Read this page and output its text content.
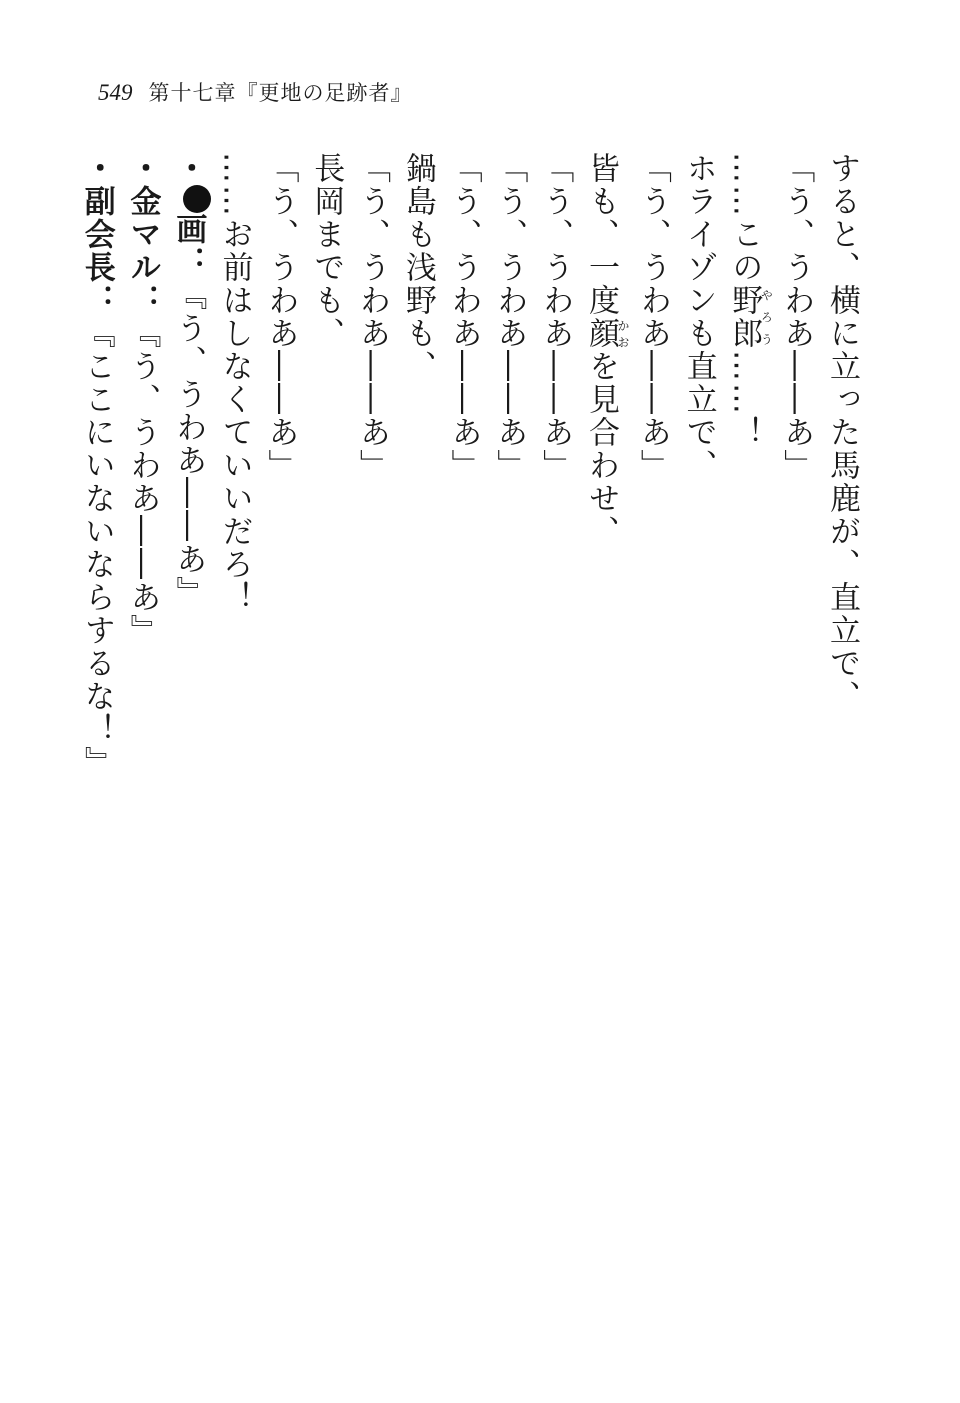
549 第十七章『更地の足跡者』
すると、横に立った馬鹿が、直立で、
「う、うわあ――あ」
……この野郎やろう……！
ホライゾンも直立で、
「う、うわあ――あ」
皆も、一度顔かおを見合わせ、
「う、うわあ――あ」
「う、うわあ――あ」
「う、うわあ――あ」
鍋島も浅野も、
「う、うわあ――あ」
長岡までも、
「う、うわあ――あ」
……お前はしなくていいだろ！
・画：『う、うわあ――あ』
・金マル：『う、うわあ――あ』
・副会長：『ここにいないならするな！』
